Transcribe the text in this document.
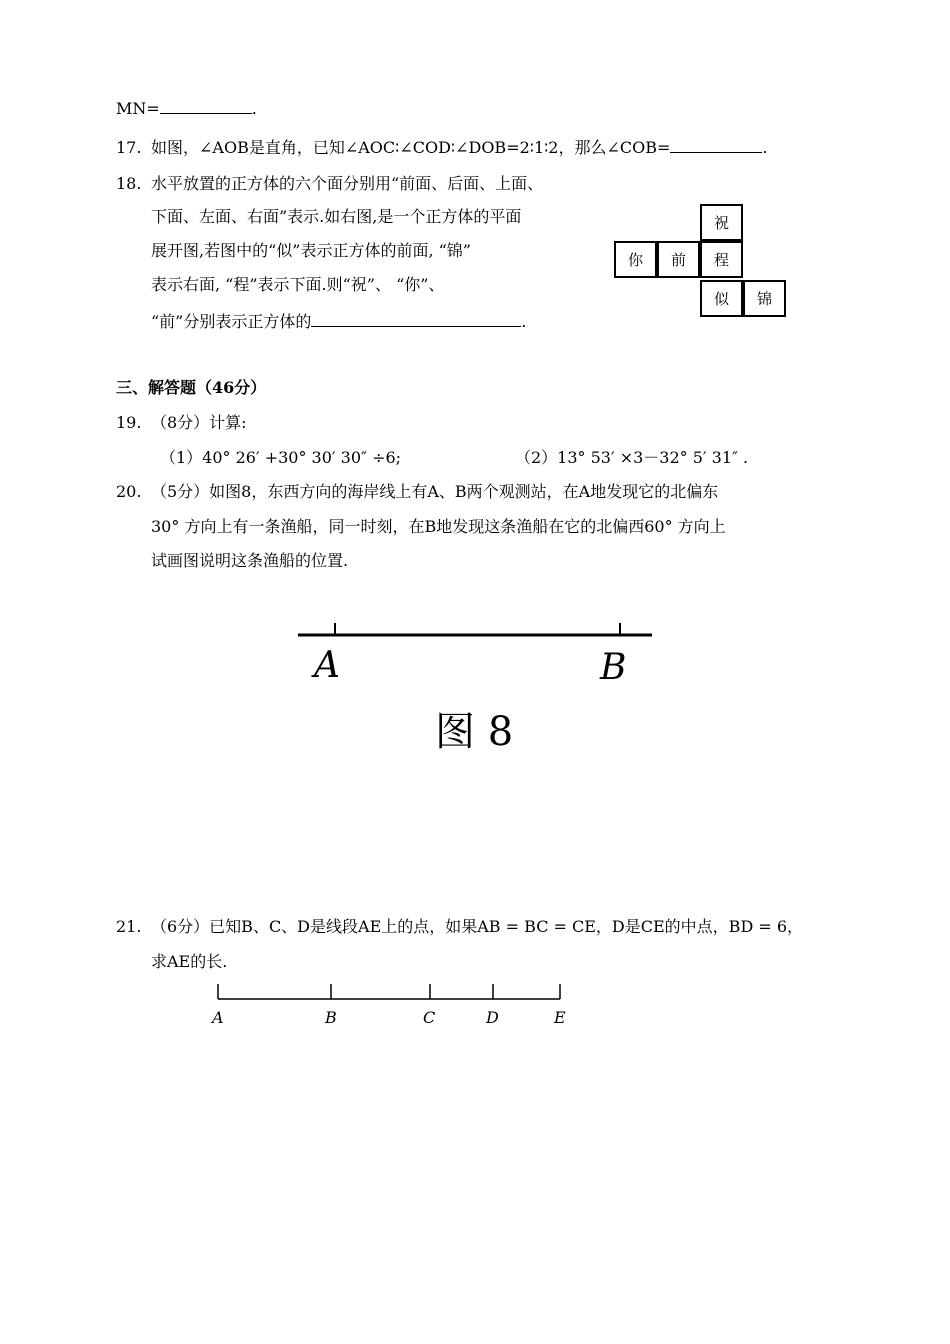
MN=	.
17. 如图，∠AOB是直角，已知∠AOC∶∠COD∶∠DOB=2∶1∶2，那么∠COB=	.
18. 水平放置的正方体的六个面分别用“前面、后面、上面、
下面、左面、右面”表示.如右图,是一个正方体的平面
展开图,若图中的“似”表示正方体的前面, “锦”
表示右面, “程”表示下面.则“祝”、 “你”、
“前”分别表示正方体的	.
祝
你	前	程
似	锦
三、解答题（46分）
19. （8分）计算:
（1）40° 26′ +30° 30′ 30″ ÷6;	（2）13° 53′ ×3－32° 5′ 31″ .
20. （5分）如图8，东西方向的海岸线上有A、B两个观测站，在A地发现它的北偏东
30° 方向上有一条渔船，同一时刻，在B地发现这条渔船在它的北偏西60° 方向上
试画图说明这条渔船的位置.
A	B
图 8
21. （6分）已知B、C、D是线段AE上的点，如果AB = BC = CE，D是CE的中点，BD = 6，
求AE的长.
A	B	C	D	E
